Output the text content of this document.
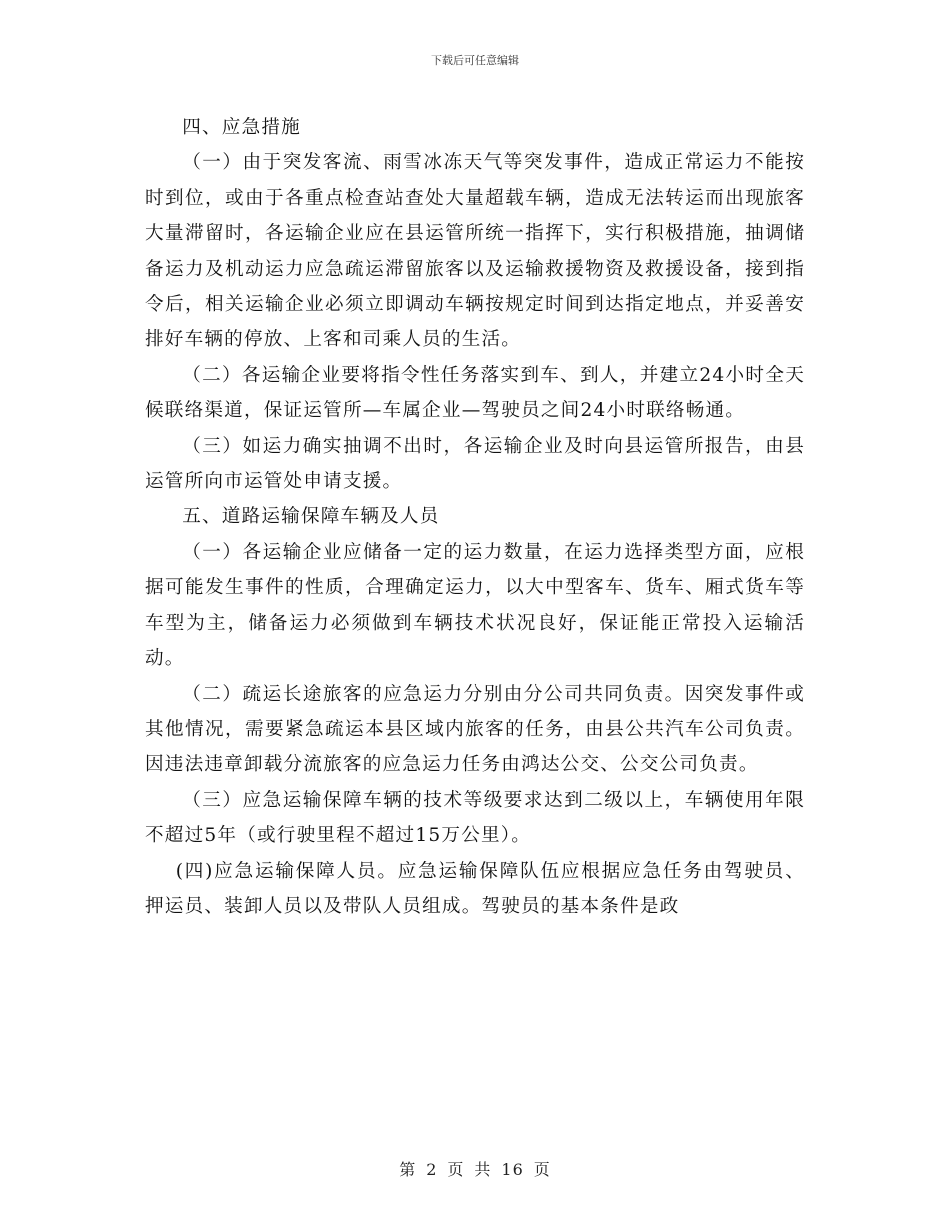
下载后可任意编辑

四、应急措施

（一）由于突发客流、雨雪冰冻天气等突发事件，造成正常运力不能按时到位，或由于各重点检查站查处大量超载车辆，造成无法转运而出现旅客大量滞留时，各运输企业应在县运管所统一指挥下，实行积极措施，抽调储备运力及机动运力应急疏运滞留旅客以及运输救援物资及救援设备，接到指令后，相关运输企业必须立即调动车辆按规定时间到达指定地点，并妥善安排好车辆的停放、上客和司乘人员的生活。

（二）各运输企业要将指令性任务落实到车、到人，并建立24小时全天候联络渠道，保证运管所—车属企业—驾驶员之间24小时联络畅通。

（三）如运力确实抽调不出时，各运输企业及时向县运管所报告，由县运管所向市运管处申请支援。

五、道路运输保障车辆及人员

（一）各运输企业应储备一定的运力数量，在运力选择类型方面，应根据可能发生事件的性质，合理确定运力，以大中型客车、货车、厢式货车等车型为主，储备运力必须做到车辆技术状况良好，保证能正常投入运输活动。

（二）疏运长途旅客的应急运力分别由分公司共同负责。因突发事件或其他情况，需要紧急疏运本县区域内旅客的任务，由县公共汽车公司负责。因违法违章卸载分流旅客的应急运力任务由鸿达公交、公交公司负责。

（三）应急运输保障车辆的技术等级要求达到二级以上，车辆使用年限不超过5年（或行驶里程不超过15万公里）。

(四)应急运输保障人员。应急运输保障队伍应根据应急任务由驾驶员、押运员、装卸人员以及带队人员组成。驾驶员的基本条件是政

第 2 页 共 16 页
